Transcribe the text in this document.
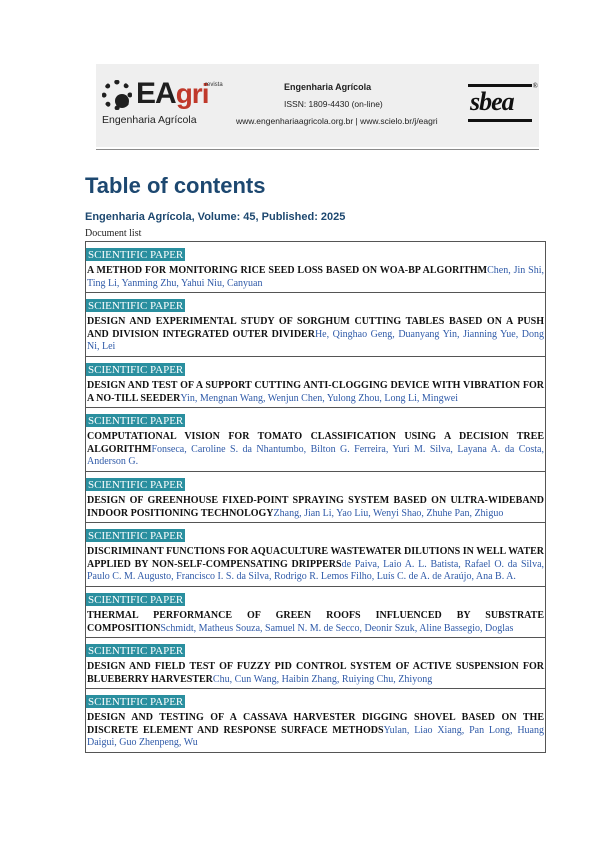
EAgri
revista
Engenharia Agrícola
Engenharia Agrícola
ISSN: 1809-4430 (on-line)
www.engenhariaagricola.org.br | www.scielo.br/j/eagri
sbea
®
Table of contents
Engenharia Agrícola, Volume: 45, Published: 2025
Document list
SCIENTIFIC PAPER
A METHOD FOR MONITORING RICE SEED LOSS BASED ON WOA-BP ALGORITHMChen, Jin Shi, Ting Li, Yanming Zhu, Yahui Niu, Canyuan
SCIENTIFIC PAPER
DESIGN AND EXPERIMENTAL STUDY OF SORGHUM CUTTING TABLES BASED ON A PUSH AND DIVISION INTEGRATED OUTER DIVIDERHe, Qinghao Geng, Duanyang Yin, Jianning Yue, Dong Ni, Lei
SCIENTIFIC PAPER
DESIGN AND TEST OF A SUPPORT CUTTING ANTI-CLOGGING DEVICE WITH VIBRATION FOR A NO-TILL SEEDERYin, Mengnan Wang, Wenjun Chen, Yulong Zhou, Long Li, Mingwei
SCIENTIFIC PAPER
COMPUTATIONAL VISION FOR TOMATO CLASSIFICATION USING A DECISION TREE ALGORITHMFonseca, Caroline S. da Nhantumbo, Bilton G. Ferreira, Yuri M. Silva, Layana A. da Costa, Anderson G.
SCIENTIFIC PAPER
DESIGN OF GREENHOUSE FIXED-POINT SPRAYING SYSTEM BASED ON ULTRA-WIDEBAND INDOOR POSITIONING TECHNOLOGYZhang, Jian Li, Yao Liu, Wenyi Shao, Zhuhe Pan, Zhiguo
SCIENTIFIC PAPER
DISCRIMINANT FUNCTIONS FOR AQUACULTURE WASTEWATER DILUTIONS IN WELL WATER APPLIED BY NON-SELF-COMPENSATING DRIPPERSde Paiva, Laio A. L. Batista, Rafael O. da Silva, Paulo C. M. Augusto, Francisco I. S. da Silva, Rodrigo R. Lemos Filho, Luís C. de A. de Araújo, Ana B. A.
SCIENTIFIC PAPER
THERMAL PERFORMANCE OF GREEN ROOFS INFLUENCED BY SUBSTRATE COMPOSITIONSchmidt, Matheus Souza, Samuel N. M. de Secco, Deonir Szuk, Aline Bassegio, Doglas
SCIENTIFIC PAPER
DESIGN AND FIELD TEST OF FUZZY PID CONTROL SYSTEM OF ACTIVE SUSPENSION FOR BLUEBERRY HARVESTERChu, Cun Wang, Haibin Zhang, Ruiying Chu, Zhiyong
SCIENTIFIC PAPER
DESIGN AND TESTING OF A CASSAVA HARVESTER DIGGING SHOVEL BASED ON THE DISCRETE ELEMENT AND RESPONSE SURFACE METHODSYulan, Liao Xiang, Pan Long, Huang Daigui, Guo Zhenpeng, Wu
